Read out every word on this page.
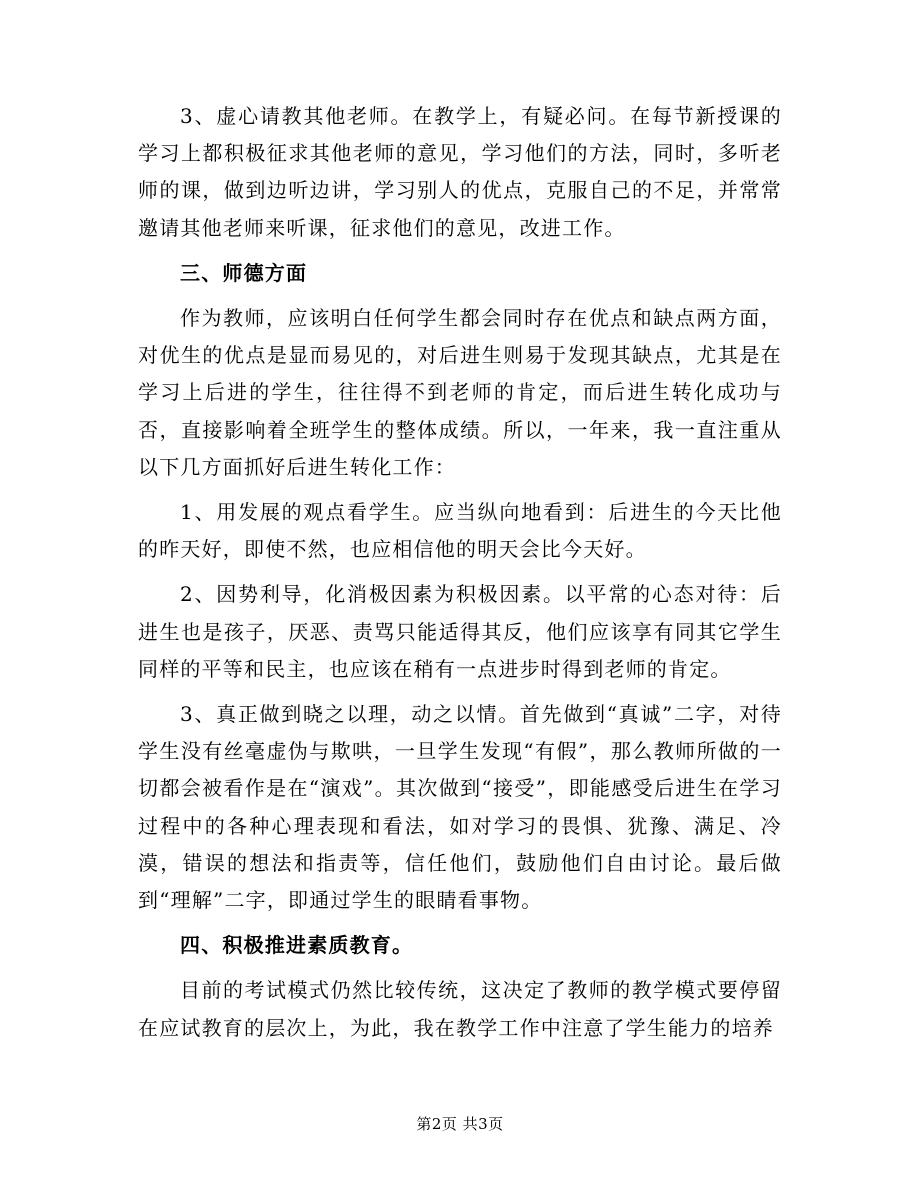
3、虚心请教其他老师。在教学上，有疑必问。在每节新授课的学习上都积极征求其他老师的意见，学习他们的方法，同时，多听老师的课，做到边听边讲，学习别人的优点，克服自己的不足，并常常邀请其他老师来听课，征求他们的意见，改进工作。

三、师德方面

作为教师，应该明白任何学生都会同时存在优点和缺点两方面，对优生的优点是显而易见的，对后进生则易于发现其缺点，尤其是在学习上后进的学生，往往得不到老师的肯定，而后进生转化成功与否，直接影响着全班学生的整体成绩。所以，一年来，我一直注重从以下几方面抓好后进生转化工作：

1、用发展的观点看学生。应当纵向地看到：后进生的今天比他的昨天好，即使不然，也应相信他的明天会比今天好。

2、因势利导，化消极因素为积极因素。以平常的心态对待：后进生也是孩子，厌恶、责骂只能适得其反，他们应该享有同其它学生同样的平等和民主，也应该在稍有一点进步时得到老师的肯定。

3、真正做到晓之以理，动之以情。首先做到“真诚”二字，对待学生没有丝毫虚伪与欺哄，一旦学生发现“有假”，那么教师所做的一切都会被看作是在“演戏”。其次做到“接受”，即能感受后进生在学习过程中的各种心理表现和看法，如对学习的畏惧、犹豫、满足、冷漠，错误的想法和指责等，信任他们，鼓励他们自由讨论。最后做到“理解”二字，即通过学生的眼睛看事物。

四、积极推进素质教育。

目前的考试模式仍然比较传统，这决定了教师的教学模式要停留在应试教育的层次上，为此，我在教学工作中注意了学生能力的培养

第2页 共3页
